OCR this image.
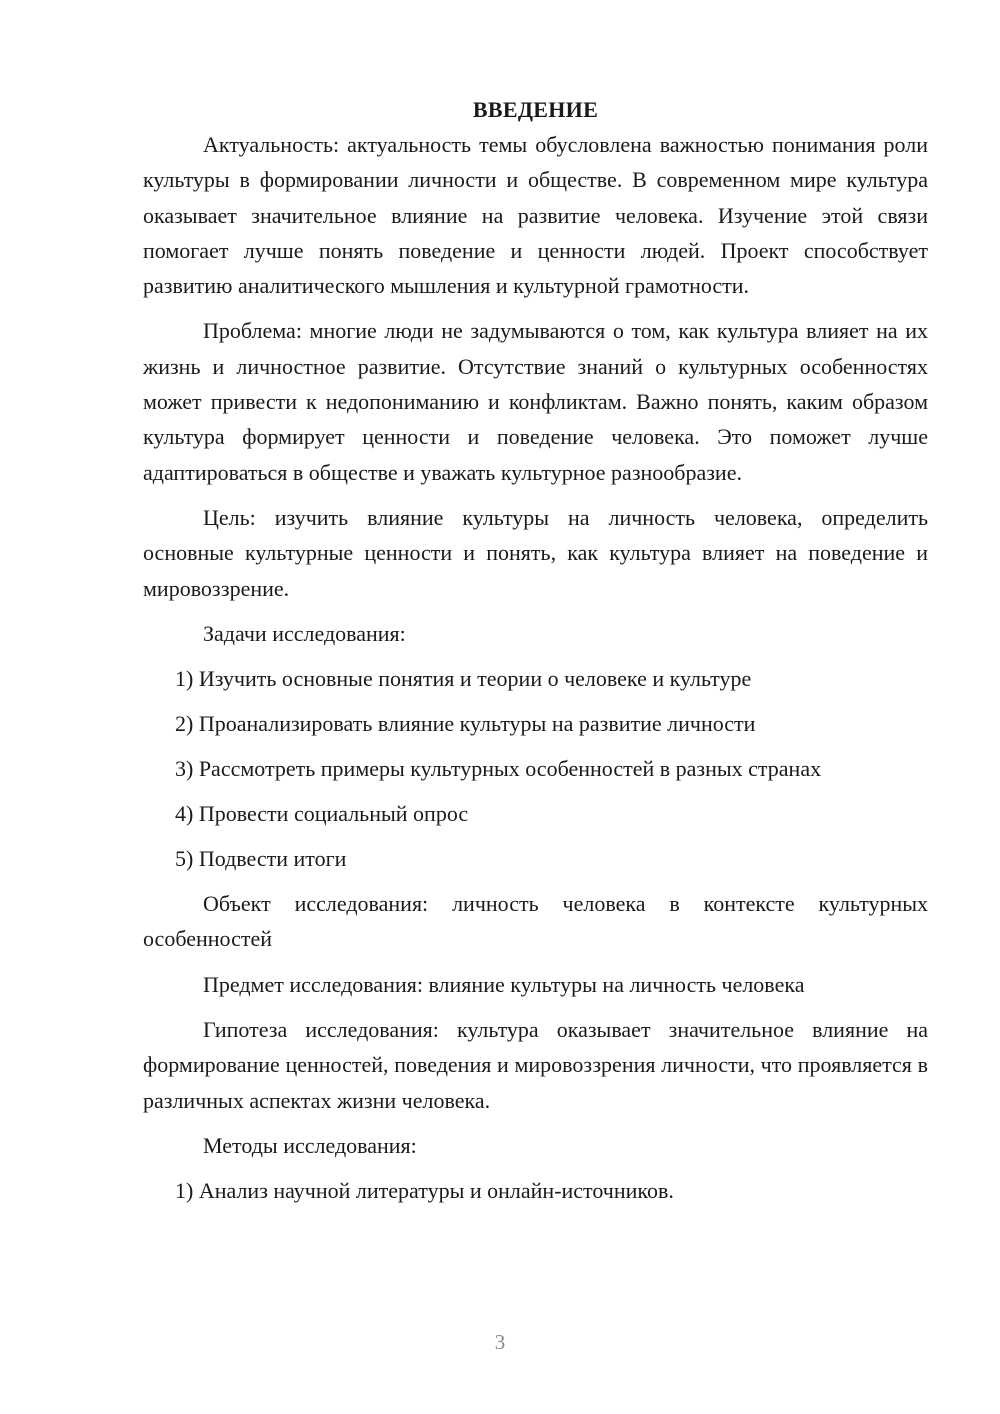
ВВЕДЕНИЕ

Актуальность: актуальность темы обусловлена важностью понимания роли культуры в формировании личности и обществе. В современном мире культура оказывает значительное влияние на развитие человека. Изучение этой связи помогает лучше понять поведение и ценности людей. Проект способствует развитию аналитического мышления и культурной грамотности.

Проблема: многие люди не задумываются о том, как культура влияет на их жизнь и личностное развитие. Отсутствие знаний о культурных особенностях может привести к недопониманию и конфликтам. Важно понять, каким образом культура формирует ценности и поведение человека. Это поможет лучше адаптироваться в обществе и уважать культурное разнообразие.

Цель: изучить влияние культуры на личность человека, определить основные культурные ценности и понять, как культура влияет на поведение и мировоззрение.

Задачи исследования:

1) Изучить основные понятия и теории о человеке и культуре
2) Проанализировать влияние культуры на развитие личности
3) Рассмотреть примеры культурных особенностей в разных странах
4) Провести социальный опрос
5) Подвести итоги

Объект исследования: личность человека в контексте культурных особенностей

Предмет исследования: влияние культуры на личность человека

Гипотеза исследования: культура оказывает значительное влияние на формирование ценностей, поведения и мировоззрения личности, что проявляется в различных аспектах жизни человека.

Методы исследования:

1) Анализ научной литературы и онлайн-источников.
3
